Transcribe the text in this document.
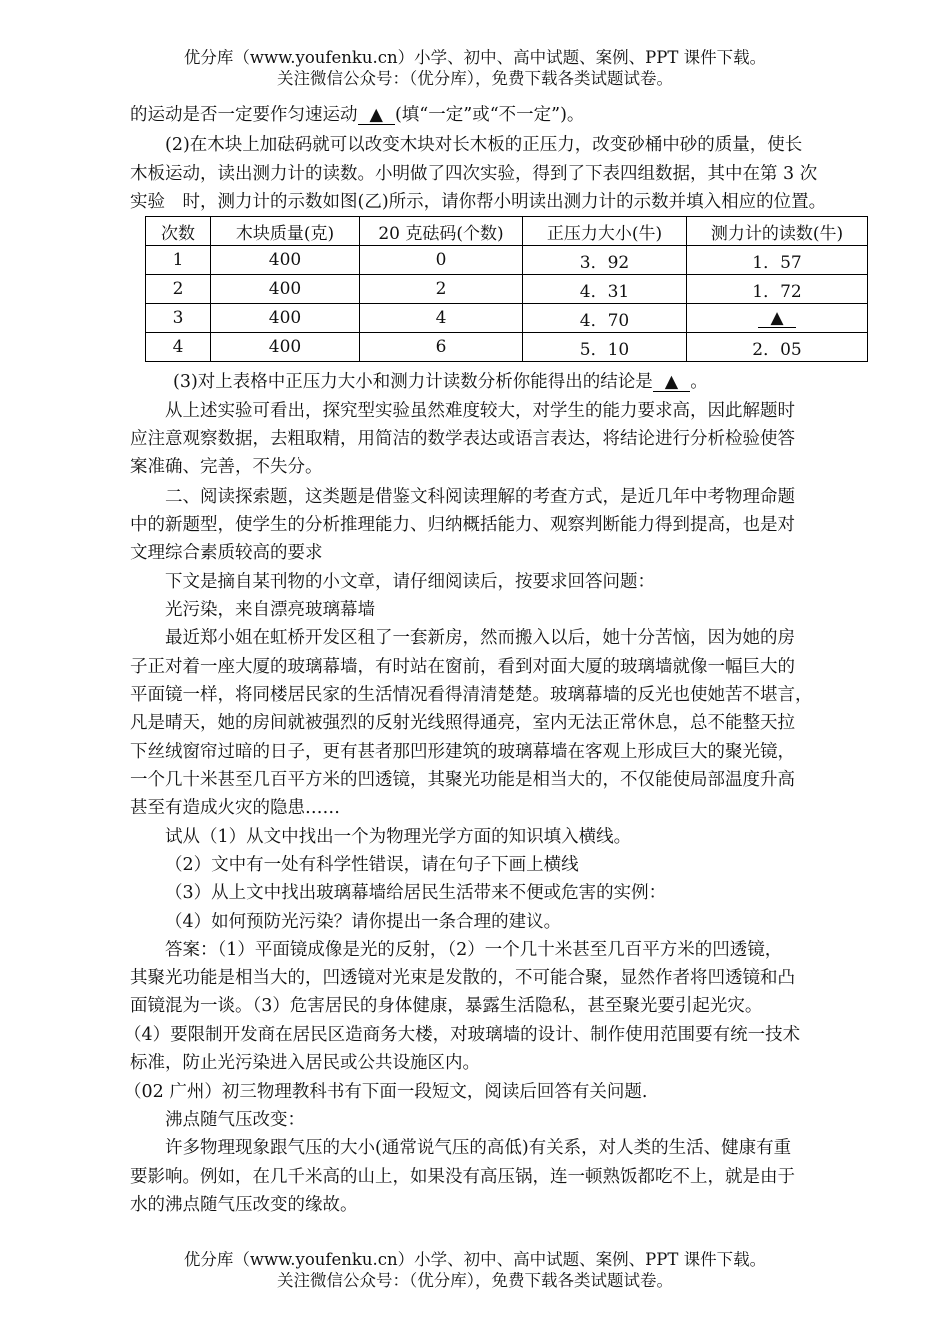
优分库（www.youfenku.cn）小学、初中、高中试题、案例、PPT 课件下载。
关注微信公众号：（优分库），免费下载各类试题试卷。
的运动是否一定要作匀速运动 ▲ (填“一定”或“不一定”)。
(2)在木块上加砝码就可以改变木块对长木板的正压力，改变砂桶中砂的质量，使长
木板运动，读出测力计的读数。小明做了四次实验，得到了下表四组数据，其中在第 3 次
实验　时，测力计的示数如图(乙)所示，请你帮小明读出测力计的示数并填入相应的位置。
次数	木块质量(克)	20 克砝码(个数)	正压力大小(牛)	测力计的读数(牛)
1	400	0	3．92	1．57
2	400	2	4．31	1．72
3	400	4	4．70	▲
4	400	6	5．10	2．05
(3)对上表格中正压力大小和测力计读数分析你能得出的结论是 ▲ 。
从上述实验可看出，探究型实验虽然难度较大，对学生的能力要求高，因此解题时
应注意观察数据，去粗取精，用简洁的数学表达或语言表达，将结论进行分析检验使答
案准确、完善，不失分。
二、阅读探索题，这类题是借鉴文科阅读理解的考查方式，是近几年中考物理命题
中的新题型，使学生的分析推理能力、归纳概括能力、观察判断能力得到提高，也是对
文理综合素质较高的要求
下文是摘自某刊物的小文章，请仔细阅读后，按要求回答问题：
光污染，来自漂亮玻璃幕墙
最近郑小姐在虹桥开发区租了一套新房，然而搬入以后，她十分苦恼，因为她的房
子正对着一座大厦的玻璃幕墙，有时站在窗前，看到对面大厦的玻璃墙就像一幅巨大的
平面镜一样，将同楼居民家的生活情况看得清清楚楚。玻璃幕墙的反光也使她苦不堪言，
凡是晴天，她的房间就被强烈的反射光线照得通亮，室内无法正常休息，总不能整天拉
下丝绒窗帘过暗的日子，更有甚者那凹形建筑的玻璃幕墙在客观上形成巨大的聚光镜，
一个几十米甚至几百平方米的凹透镜，其聚光功能是相当大的，不仅能使局部温度升高
甚至有造成火灾的隐患……
试从（1）从文中找出一个为物理光学方面的知识填入横线。
（2）文中有一处有科学性错误，请在句子下画上横线
（3）从上文中找出玻璃幕墙给居民生活带来不便或危害的实例：
（4）如何预防光污染？请你提出一条合理的建议。
答案：（1）平面镜成像是光的反射，（2）一个几十米甚至几百平方米的凹透镜，
其聚光功能是相当大的，凹透镜对光束是发散的，不可能合聚，显然作者将凹透镜和凸
面镜混为一谈。（3）危害居民的身体健康，暴露生活隐私，甚至聚光要引起光灾。
（4）要限制开发商在居民区造商务大楼，对玻璃墙的设计、制作使用范围要有统一技术
标准，防止光污染进入居民或公共设施区内。
（02 广州）初三物理教科书有下面一段短文，阅读后回答有关问题.
沸点随气压改变：
许多物理现象跟气压的大小(通常说气压的高低)有关系，对人类的生活、健康有重
要影响。例如，在几千米高的山上，如果没有高压锅，连一顿熟饭都吃不上，就是由于
水的沸点随气压改变的缘故。
优分库（www.youfenku.cn）小学、初中、高中试题、案例、PPT 课件下载。
关注微信公众号：（优分库），免费下载各类试题试卷。
